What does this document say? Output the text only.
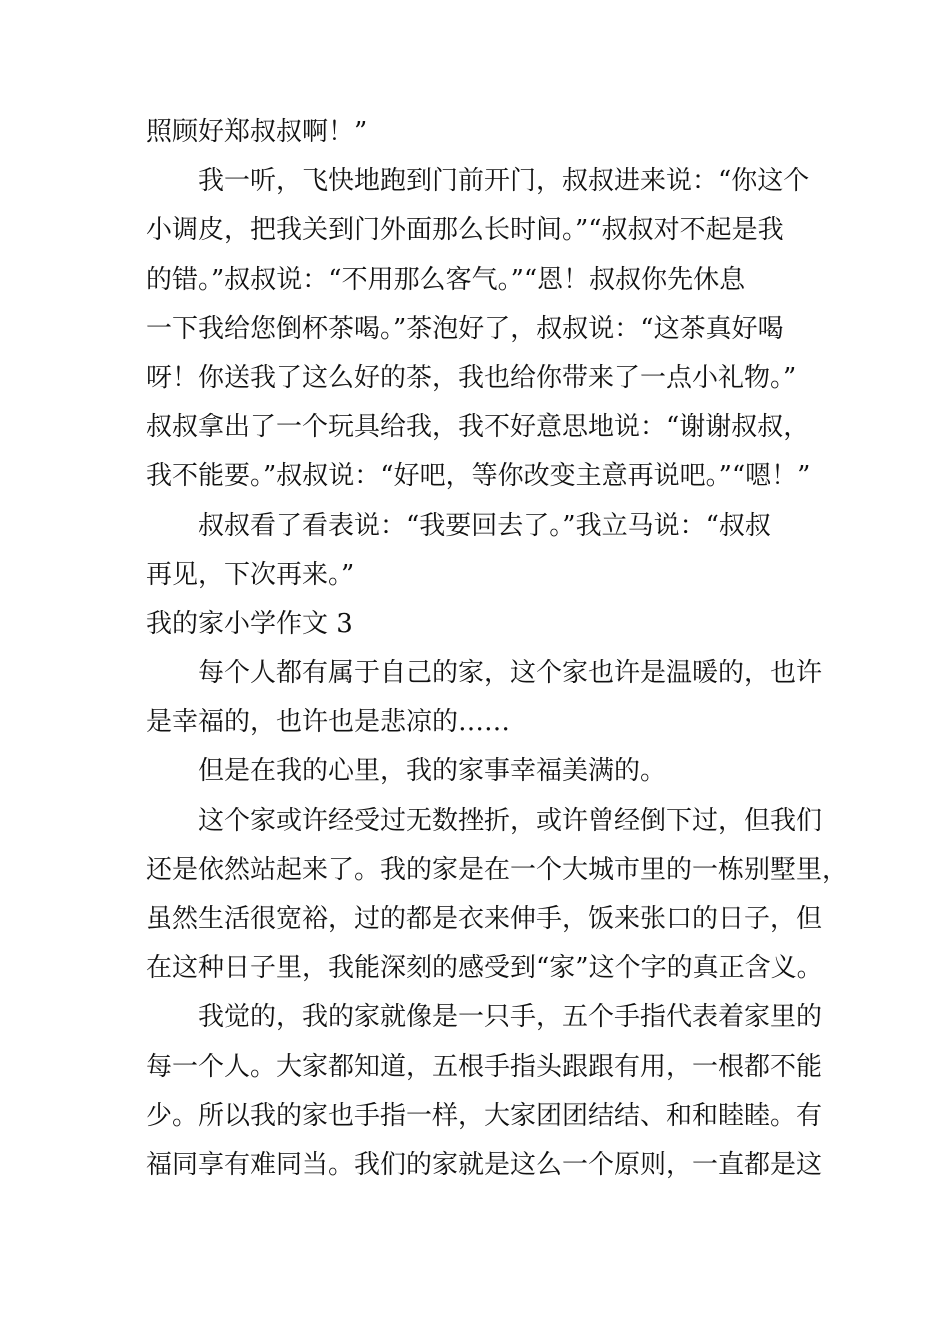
照顾好郑叔叔啊！”
我一听，飞快地跑到门前开门，叔叔进来说：“你这个
小调皮，把我关到门外面那么长时间。”“叔叔对不起是我
的错。”叔叔说：“不用那么客气。”“恩！叔叔你先休息
一下我给您倒杯茶喝。”茶泡好了，叔叔说：“这茶真好喝
呀！你送我了这么好的茶，我也给你带来了一点小礼物。”
叔叔拿出了一个玩具给我，我不好意思地说：“谢谢叔叔，
我不能要。”叔叔说：“好吧，等你改变主意再说吧。”“嗯！”
叔叔看了看表说：“我要回去了。”我立马说：“叔叔
再见，下次再来。”
我的家小学作文 3
每个人都有属于自己的家，这个家也许是温暖的，也许
是幸福的，也许也是悲凉的……
但是在我的心里，我的家事幸福美满的。
这个家或许经受过无数挫折，或许曾经倒下过，但我们
还是依然站起来了。我的家是在一个大城市里的一栋别墅里，
虽然生活很宽裕，过的都是衣来伸手，饭来张口的日子，但
在这种日子里，我能深刻的感受到“家”这个字的真正含义。
我觉的，我的家就像是一只手，五个手指代表着家里的
每一个人。大家都知道，五根手指头跟跟有用，一根都不能
少。所以我的家也手指一样，大家团团结结、和和睦睦。有
福同享有难同当。我们的家就是这么一个原则，一直都是这
